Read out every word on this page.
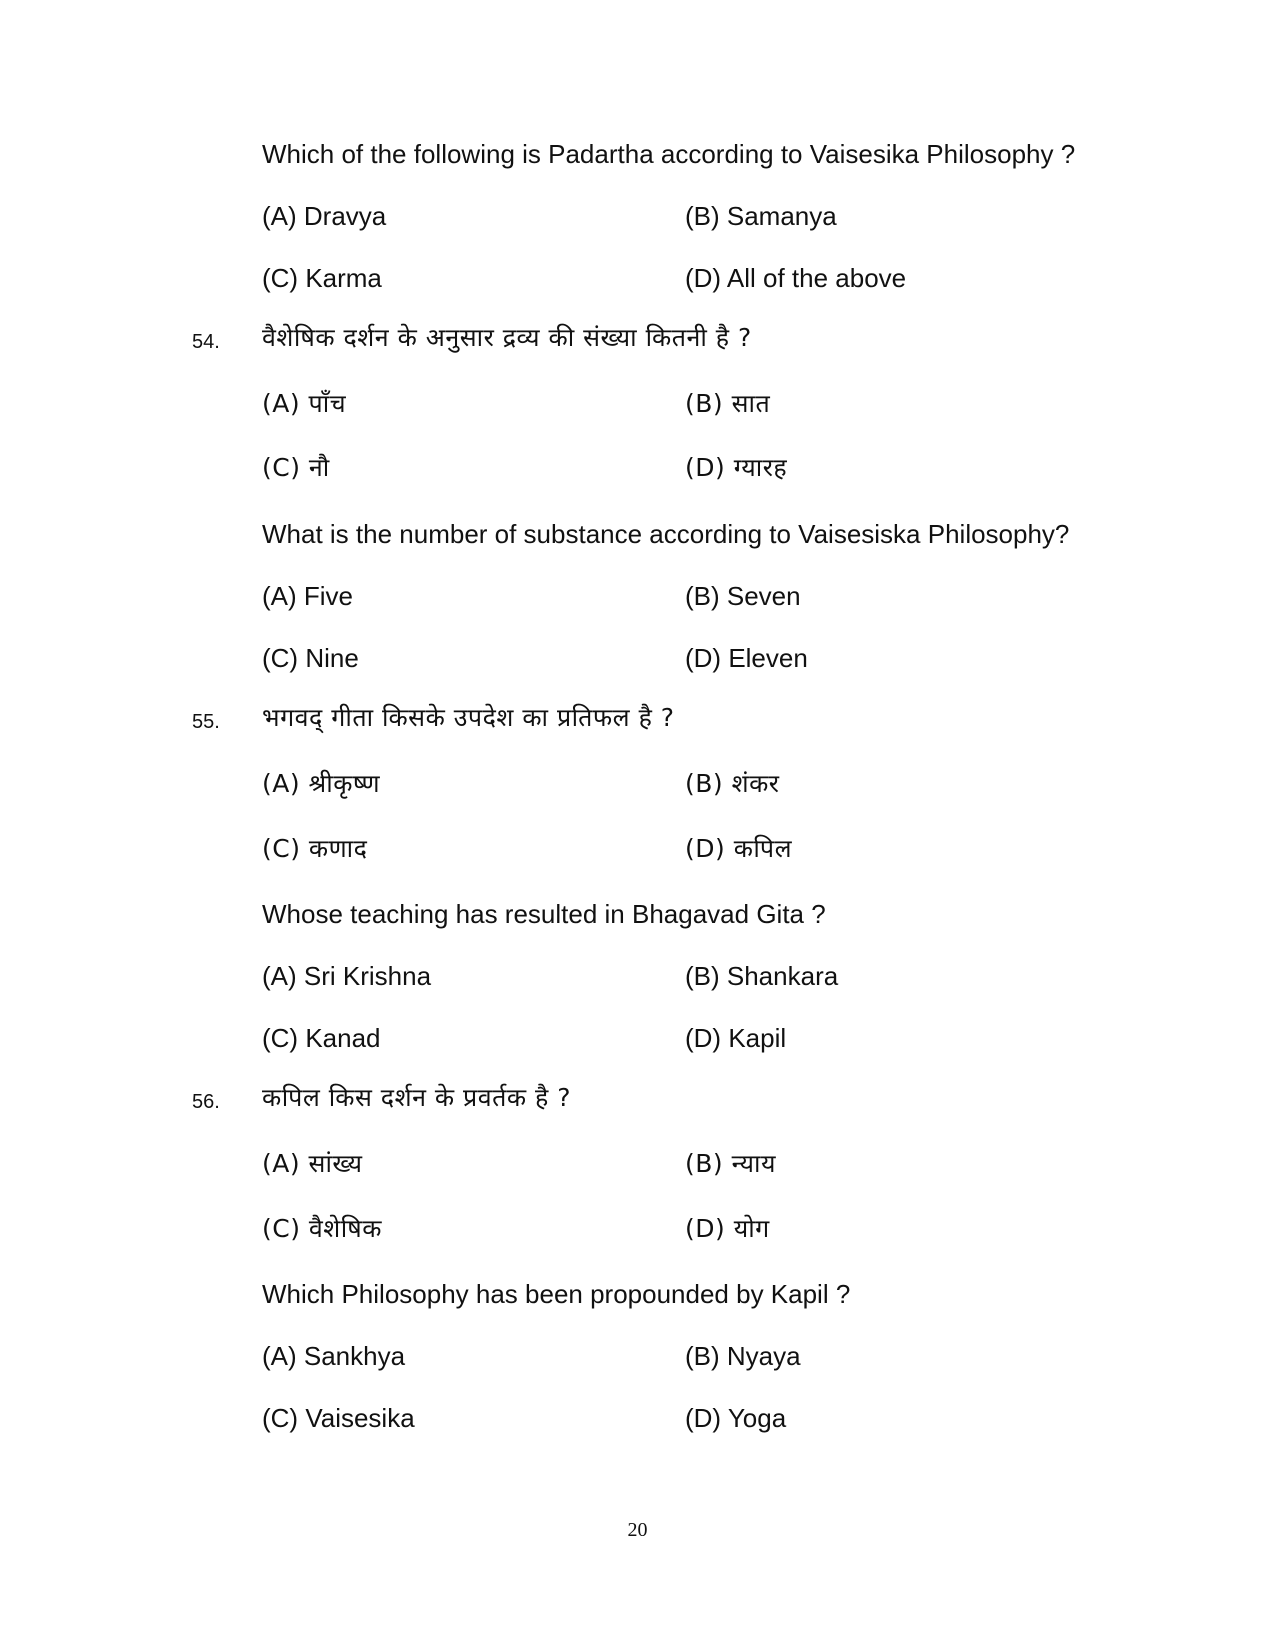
Which of the following is Padartha according to Vaisesika Philosophy ?
(A) Dravya	(B) Samanya
(C) Karma	(D) All of the above
54. वैशेषिक दर्शन के अनुसार द्रव्य की संख्या कितनी है ?
(A) पाँच	(B) सात
(C) नौ	(D) ग्यारह
What is the number of substance according to Vaisesiska Philosophy?
(A) Five	(B) Seven
(C) Nine	(D) Eleven
55. भगवद् गीता किसके उपदेश का प्रतिफल है ?
(A) श्रीकृष्ण	(B) शंकर
(C) कणाद	(D) कपिल
Whose teaching has resulted in Bhagavad Gita ?
(A) Sri Krishna	(B) Shankara
(C) Kanad	(D) Kapil
56. कपिल किस दर्शन के प्रवर्तक है ?
(A) सांख्य	(B) न्याय
(C) वैशेषिक	(D) योग
Which Philosophy has been propounded by Kapil ?
(A) Sankhya	(B) Nyaya
(C) Vaisesika	(D) Yoga
20
